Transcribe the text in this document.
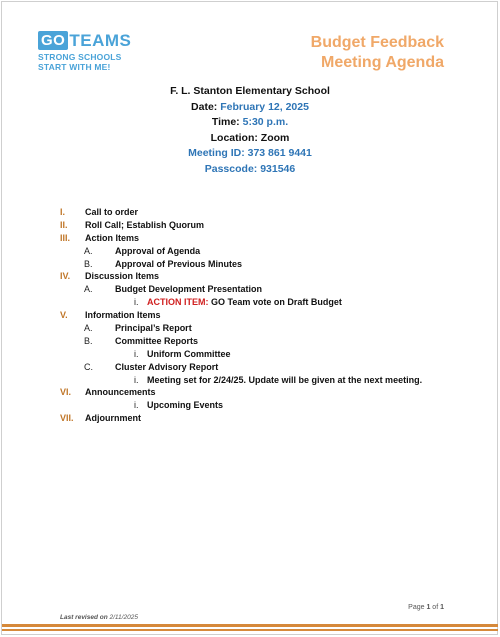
GO TEAMS
STRONG SCHOOLS
START WITH ME!
Budget Feedback
Meeting Agenda
F. L. Stanton Elementary School
Date: February 12, 2025
Time: 5:30 p.m.
Location: Zoom
Meeting ID: 373 861 9441
Passcode: 931546
I. Call to order
II. Roll Call; Establish Quorum
III. Action Items
A. Approval of Agenda
B. Approval of Previous Minutes
IV. Discussion Items
A. Budget Development Presentation
i. ACTION ITEM: GO Team vote on Draft Budget
V. Information Items
A. Principal’s Report
B. Committee Reports
i. Uniform Committee
C. Cluster Advisory Report
i. Meeting set for 2/24/25. Update will be given at the next meeting.
VI. Announcements
i. Upcoming Events
VII. Adjournment
Page 1 of 1
Last revised on 2/11/2025
